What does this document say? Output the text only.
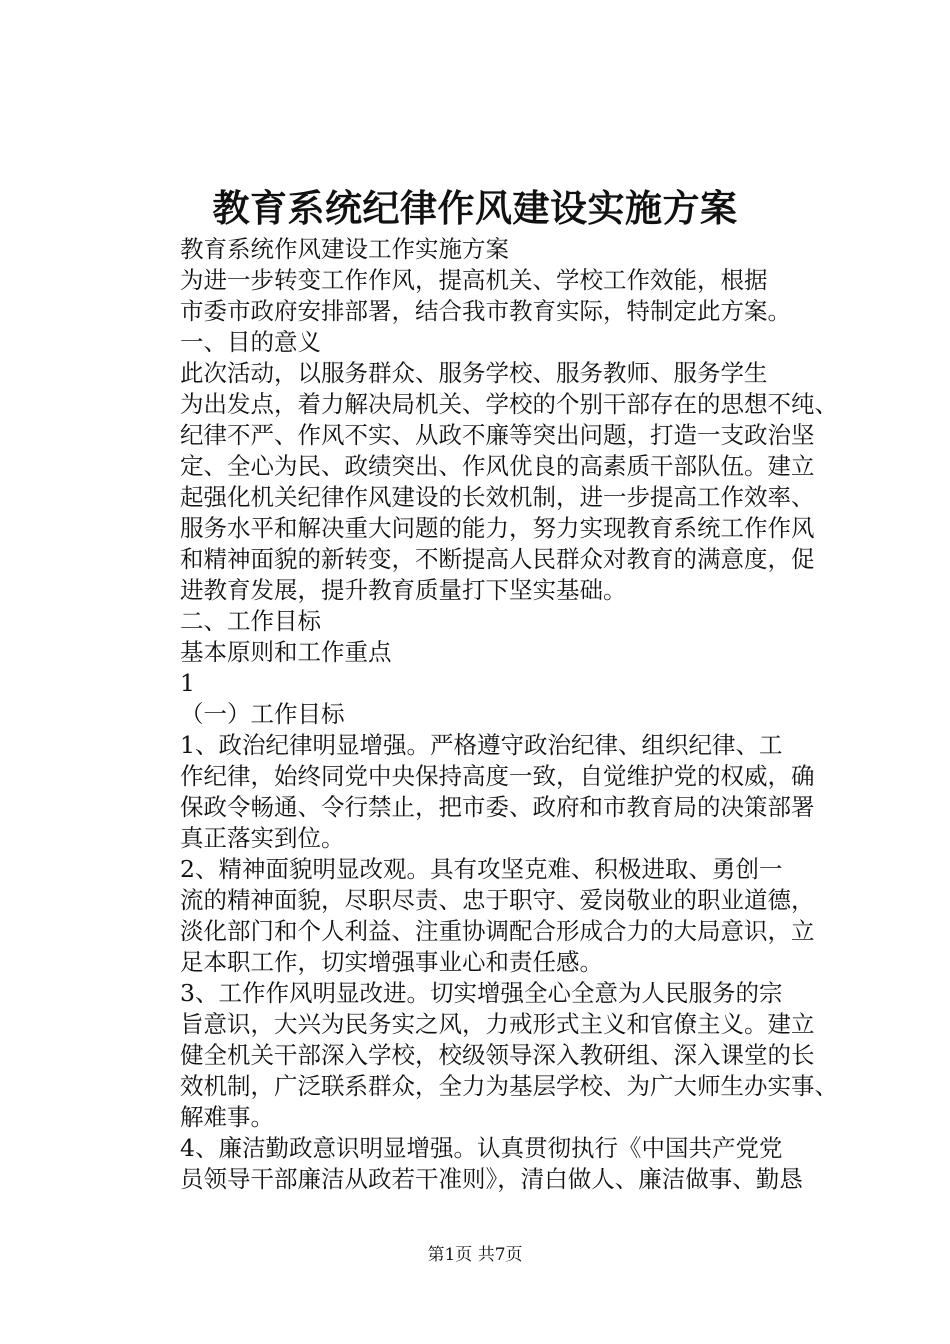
教育系统纪律作风建设实施方案

教育系统作风建设工作实施方案

为进一步转变工作作风，提高机关、学校工作效能，根据
市委市政府安排部署，结合我市教育实际，特制定此方案。

一、目的意义

此次活动，以服务群众、服务学校、服务教师、服务学生
为出发点，着力解决局机关、学校的个别干部存在的思想不纯、
纪律不严、作风不实、从政不廉等突出问题，打造一支政治坚
定、全心为民、政绩突出、作风优良的高素质干部队伍。建立
起强化机关纪律作风建设的长效机制，进一步提高工作效率、
服务水平和解决重大问题的能力，努力实现教育系统工作作风
和精神面貌的新转变，不断提高人民群众对教育的满意度，促
进教育发展，提升教育质量打下坚实基础。

二、工作目标

基本原则和工作重点

1

（一）工作目标

1、政治纪律明显增强。严格遵守政治纪律、组织纪律、工
作纪律，始终同党中央保持高度一致，自觉维护党的权威，确
保政令畅通、令行禁止，把市委、政府和市教育局的决策部署
真正落实到位。

2、精神面貌明显改观。具有攻坚克难、积极进取、勇创一
流的精神面貌，尽职尽责、忠于职守、爱岗敬业的职业道德，
淡化部门和个人利益、注重协调配合形成合力的大局意识，立
足本职工作，切实增强事业心和责任感。

3、工作作风明显改进。切实增强全心全意为人民服务的宗
旨意识，大兴为民务实之风，力戒形式主义和官僚主义。建立
健全机关干部深入学校，校级领导深入教研组、深入课堂的长
效机制，广泛联系群众，全力为基层学校、为广大师生办实事、
解难事。

4、廉洁勤政意识明显增强。认真贯彻执行《中国共产党党
员领导干部廉洁从政若干准则》，清白做人、廉洁做事、勤恳

第1页 共7页
